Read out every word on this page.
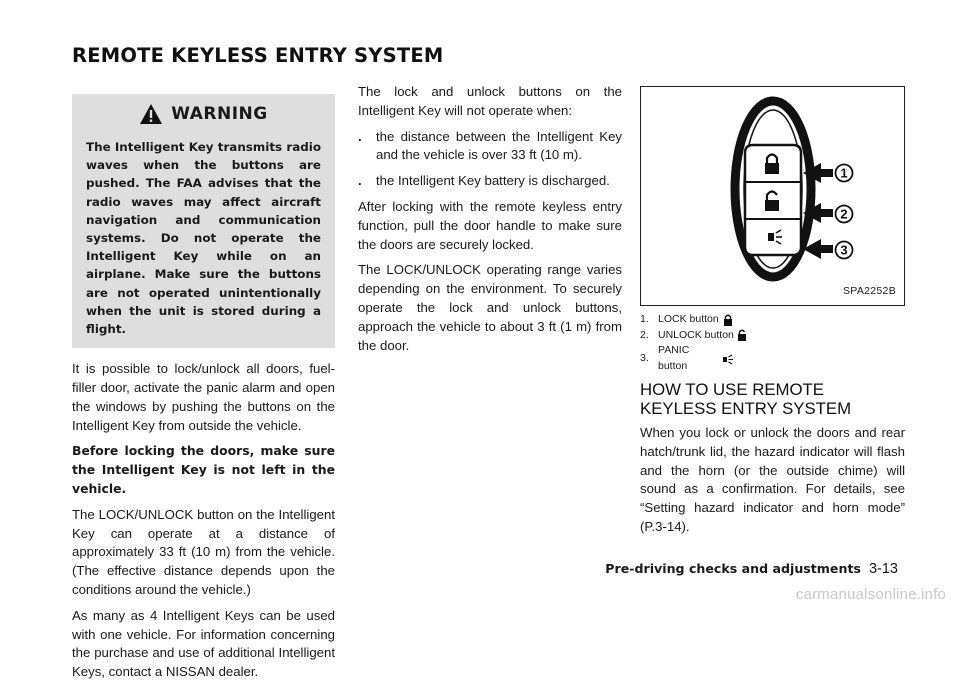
REMOTE KEYLESS ENTRY SYSTEM
WARNING
The Intelligent Key transmits radio waves when the buttons are pushed. The FAA advises that the radio waves may affect aircraft navigation and communication systems. Do not operate the Intelligent Key while on an airplane. Make sure the buttons are not operated unintentionally when the unit is stored during a flight.

It is possible to lock/unlock all doors, fuel-filler door, activate the panic alarm and open the windows by pushing the buttons on the Intelligent Key from outside the vehicle.

Before locking the doors, make sure the Intelligent Key is not left in the vehicle.

The LOCK/UNLOCK button on the Intelligent Key can operate at a distance of approximately 33 ft (10 m) from the vehicle. (The effective distance depends upon the conditions around the vehicle.)

As many as 4 Intelligent Keys can be used with one vehicle. For information concerning the purchase and use of additional Intelligent Keys, contact a NISSAN dealer.

The lock and unlock buttons on the Intelligent Key will not operate when:

.	the distance between the Intelligent Key and the vehicle is over 33 ft (10 m).
.	the Intelligent Key battery is discharged.

After locking with the remote keyless entry function, pull the door handle to make sure the doors are securely locked.

The LOCK/UNLOCK operating range varies depending on the environment. To securely operate the lock and unlock buttons, approach the vehicle to about 3 ft (1 m) from the door.

1
2
3
SPA2252B
1. LOCK button
2. UNLOCK button
3.
PANIC button
HOW TO USE REMOTE KEYLESS ENTRY SYSTEM

When you lock or unlock the doors and rear hatch/trunk lid, the hazard indicator will flash and the horn (or the outside chime) will sound as a confirmation. For details, see “Setting hazard indicator and horn mode” (P.3-14).

Pre-driving checks and adjustments 3-13
carmanualsonline.info
